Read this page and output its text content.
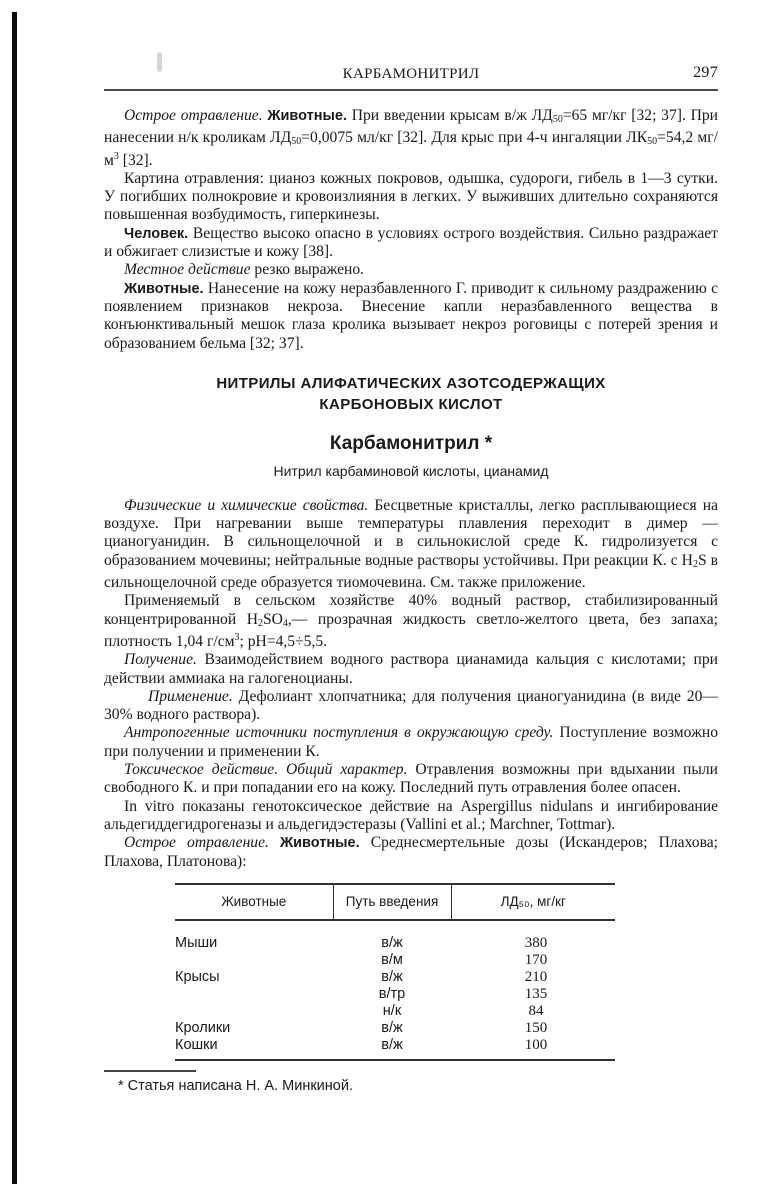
КАРБАМОНИТРИЛ	297

Острое отравление. Животные. При введении крысам в/ж $ЛД_{50}=65$ мг/кг [32; 37]. При нанесении н/к кроликам $ЛД_{50}=0,0075$ мл/кг [32]. Для крыс при 4-ч ингаляции $ЛК_{50}=54,2$ $мг/м^3$ [32].

Картина отравления: цианоз кожных покровов, одышка, судороги, гибель в 1—3 сутки. У погибших полнокровие и кровоизлияния в легких. У выживших длительно сохраняются повышенная возбудимость, гиперкинезы.

Человек. Вещество высоко опасно в условиях острого воздействия. Сильно раздражает и обжигает слизистые и кожу [38].

Местное действие резко выражено.

Животные. Нанесение на кожу неразбавленного Г. приводит к сильному раздражению с появлением признаков некроза. Внесение капли неразбавленного вещества в конъюнктивальный мешок глаза кролика вызывает некроз роговицы с потерей зрения и образованием бельма [32; 37].

НИТРИЛЫ АЛИФАТИЧЕСКИХ АЗОТСОДЕРЖАЩИХ
КАРБОНОВЫХ КИСЛОТ
Карбамонитрил *
Нитрил карбаминовой кислоты, цианамид

Физические и химические свойства. Бесцветные кристаллы, легко расплывающиеся на воздухе. При нагревании выше температуры плавления переходит в димер — цианогуанидин. В сильнощелочной и в сильнокислой среде К. гидролизуется с образованием мочевины; нейтральные водные растворы устойчивы. При реакции К. с $H_2S$ в сильнощелочной среде образуется тиомочевина. См. также приложение.

Применяемый в сельском хозяйстве 40% водный раствор, стабилизированный концентрированной $H_2SO_4,—$ прозрачная жидкость светло-желтого цвета, без запаха; плотность 1,04 $г/см^3$; pH=4,5÷5,5.

Получение. Взаимодействием водного раствора цианамида кальция с кислотами; при действии аммиака на галогеноцианы.

Применение. Дефолиант хлопчатника; для получения цианогуанидина (в виде 20—30% водного раствора).

Антропогенные источники поступления в окружающую среду. Поступление возможно при получении и применении К.

Токсическое действие. Общий характер. Отравления возможны при вдыхании пыли свободного К. и при попадании его на кожу. Последний путь отравления более опасен.

In vitro показаны генотоксическое действие на Aspergillus nidulans и ингибирование альдегиддегидрогеназы и альдегидэстеразы (Vallini et al.; Marchner, Tottmar).

Острое отравление. Животные. Среднесмертельные дозы (Искандеров; Плахова; Плахова, Платонова):

Животные	Путь введения	ЛД₅₀, мг/кг
Мыши	в/ж	380
	в/м	170
Крысы	в/ж	210
	в/тр	135
	н/к	84
Кролики	в/ж	150
Кошки	в/ж	100
* Статья написана Н. А. Минкиной.
